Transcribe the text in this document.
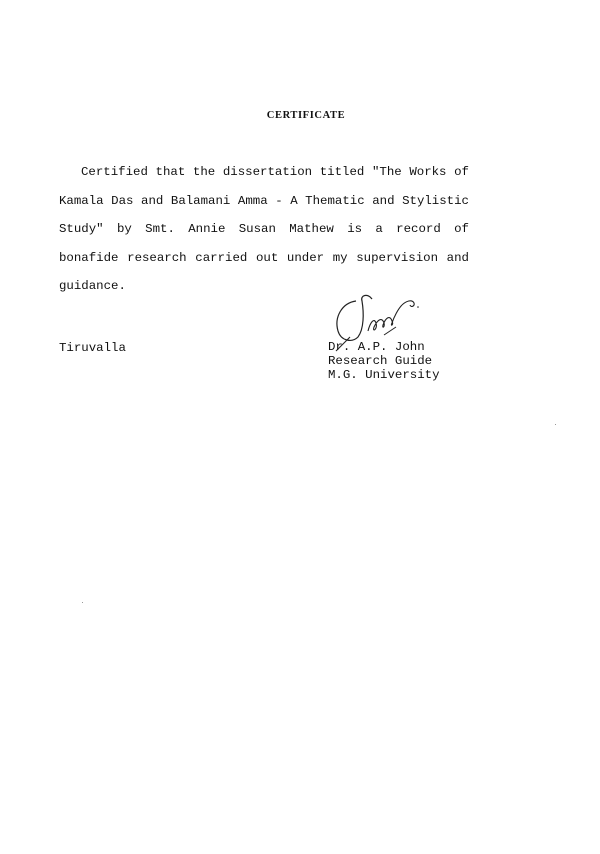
CERTIFICATE

Certified that the dissertation titled "The Works of Kamala Das and Balamani Amma - A Thematic and Stylistic Study" by Smt. Annie Susan Mathew is a record of bonafide research carried out under my supervision and guidance.

Tiruvalla	Dr. A.P. John
Research Guide
M.G. University
